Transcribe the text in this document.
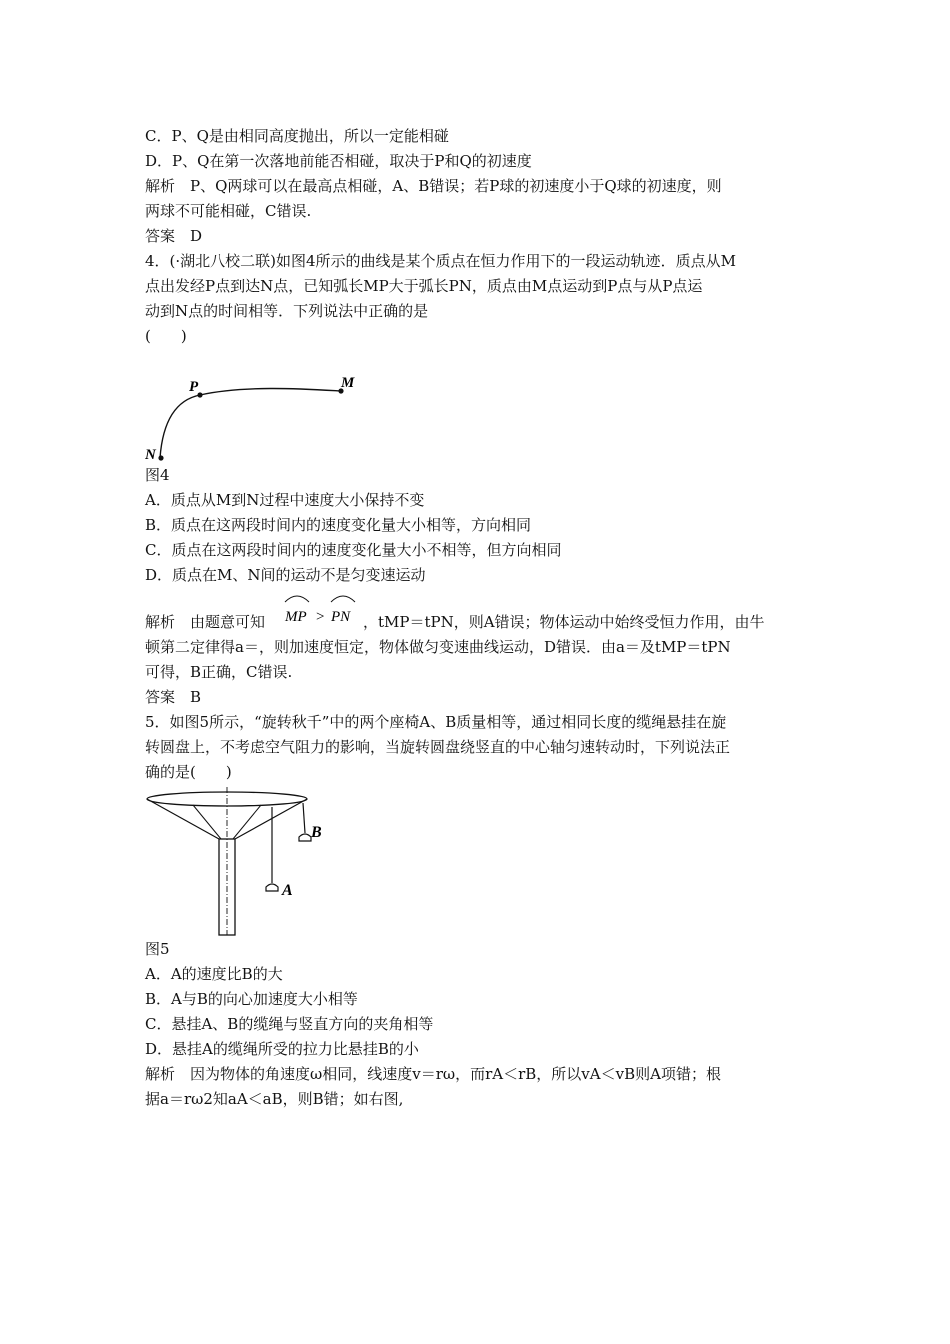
C．P、Q是由相同高度抛出，所以一定能相碰
D．P、Q在第一次落地前能否相碰，取决于P和Q的初速度
解析　P、Q两球可以在最高点相碰，A、B错误；若P球的初速度小于Q球的初速度，则
两球不可能相碰，C错误.
答案　D
4．(·湖北八校二联)如图4所示的曲线是某个质点在恒力作用下的一段运动轨迹．质点从M
点出发经P点到达N点，已知弧长MP大于弧长PN，质点由M点运动到P点与从P点运
动到N点的时间相等．下列说法中正确的是
(　　)
P	M
N
图4
A．质点从M到N过程中速度大小保持不变
B．质点在这两段时间内的速度变化量大小相等，方向相同
C．质点在这两段时间内的速度变化量大小不相等，但方向相同
D．质点在M、N间的运动不是匀变速运动
解析　由题意可知 MP > PN ，tMP＝tPN，则A错误；物体运动中始终受恒力作用，由牛
顿第二定律得a＝，则加速度恒定，物体做匀变速曲线运动，D错误．由a＝及tMP＝tPN
可得，B正确，C错误.
答案　B
5．如图5所示，“旋转秋千”中的两个座椅A、B质量相等，通过相同长度的缆绳悬挂在旋
转圆盘上，不考虑空气阻力的影响，当旋转圆盘绕竖直的中心轴匀速转动时，下列说法正
确的是(　　)
A
B
图5
A．A的速度比B的大
B．A与B的向心加速度大小相等
C．悬挂A、B的缆绳与竖直方向的夹角相等
D．悬挂A的缆绳所受的拉力比悬挂B的小
解析　因为物体的角速度ω相同，线速度v＝rω，而rA＜rB，所以vA＜vB则A项错；根
据a＝rω2知aA＜aB，则B错；如右图,
